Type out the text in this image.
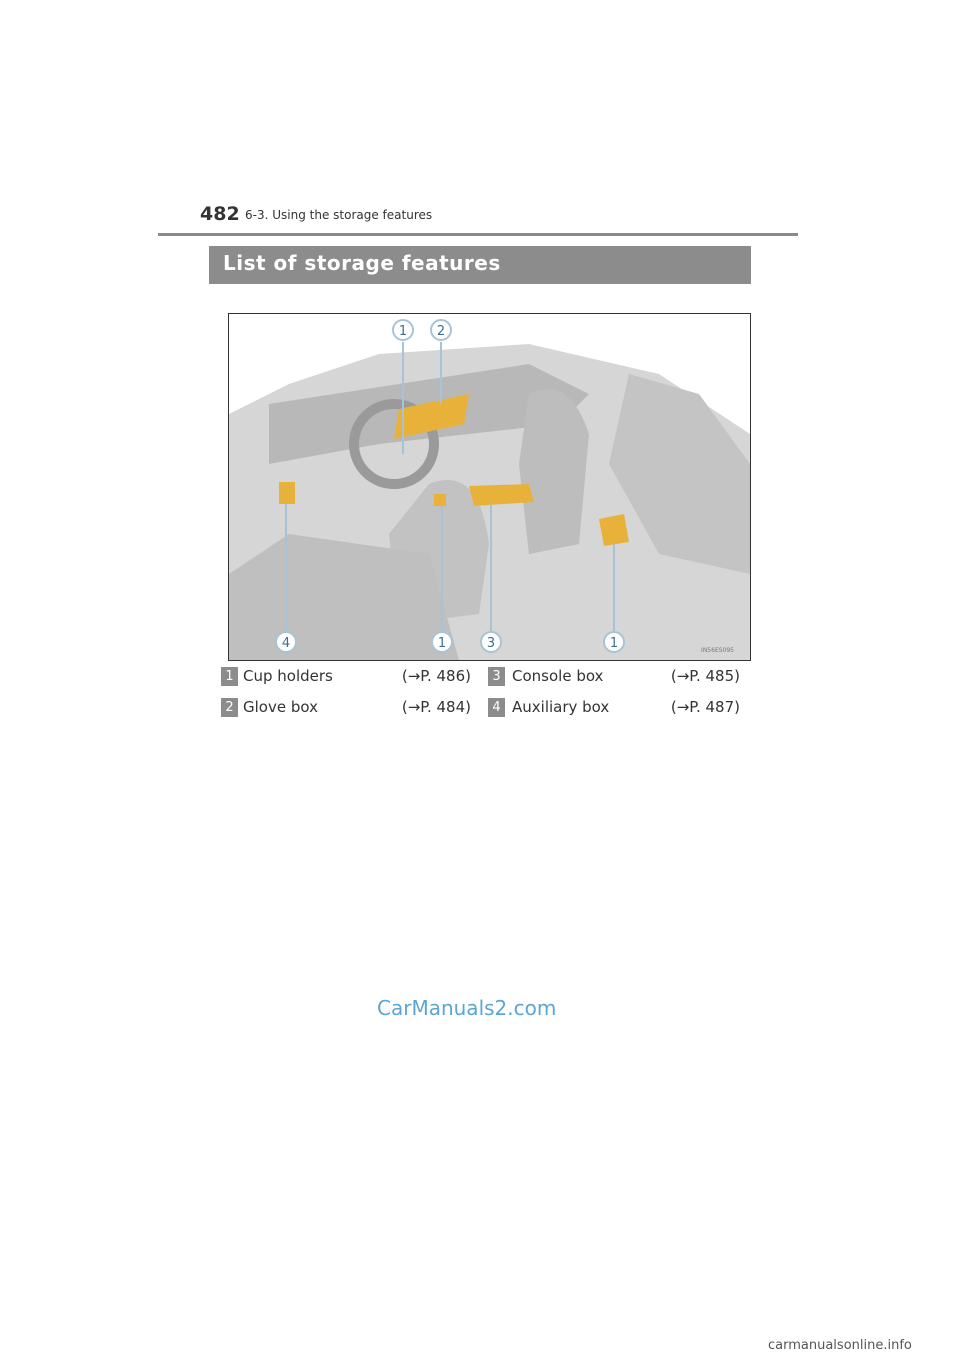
482 6-3. Using the storage features
List of storage features
1 2
4	1	3	1	IN56ES095
1 Cup holders	(→P. 486)
2 Glove box	(→P. 484)
3 Console box	(→P. 485)
4 Auxiliary box	(→P. 487)
CarManuals2.com
carmanualsonline.info
